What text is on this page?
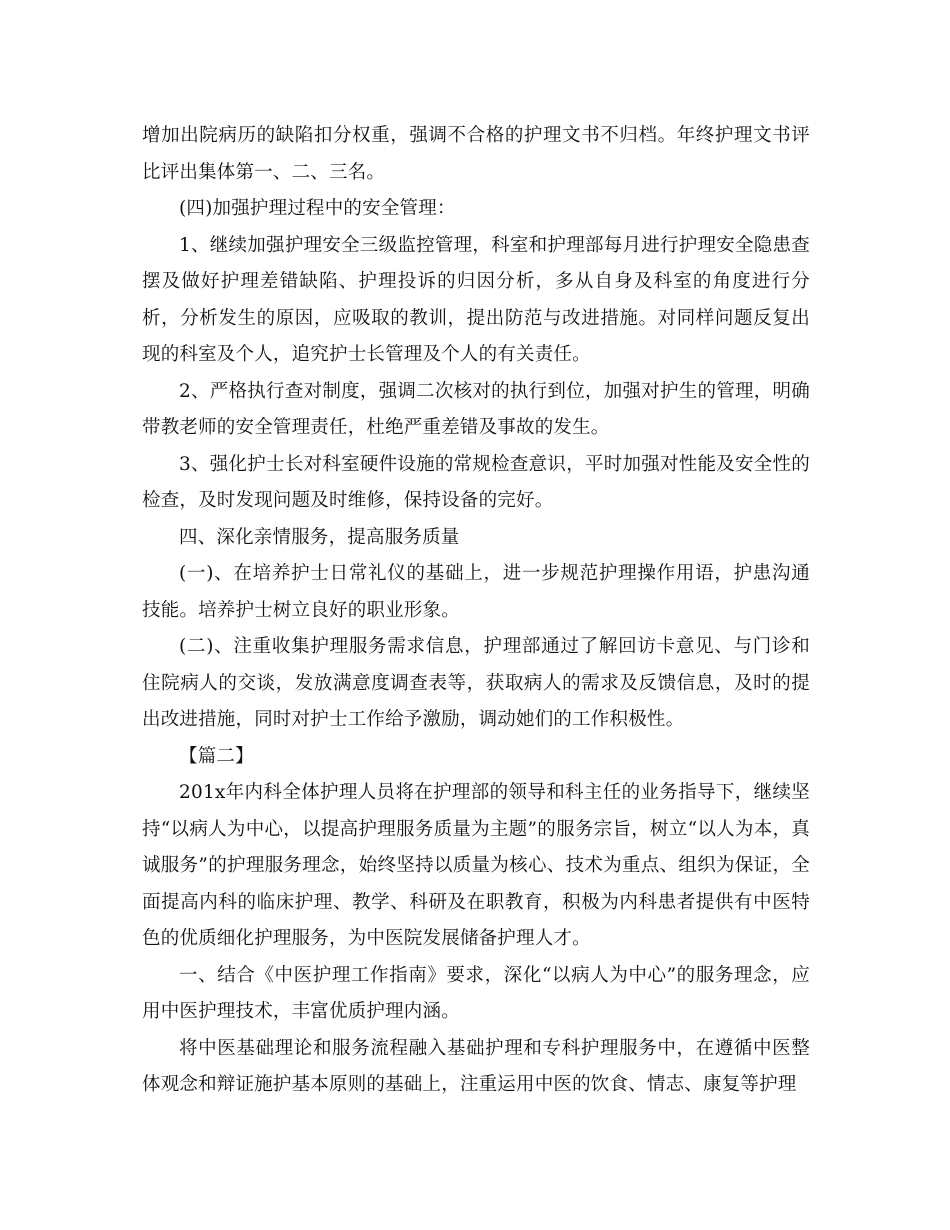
增加出院病历的缺陷扣分权重，强调不合格的护理文书不归档。年终护理文书评比评出集体第一、二、三名。

(四)加强护理过程中的安全管理：

1、继续加强护理安全三级监控管理，科室和护理部每月进行护理安全隐患查摆及做好护理差错缺陷、护理投诉的归因分析，多从自身及科室的角度进行分析，分析发生的原因，应吸取的教训，提出防范与改进措施。对同样问题反复出现的科室及个人，追究护士长管理及个人的有关责任。

2、严格执行查对制度，强调二次核对的执行到位，加强对护生的管理，明确带教老师的安全管理责任，杜绝严重差错及事故的发生。

3、强化护士长对科室硬件设施的常规检查意识，平时加强对性能及安全性的检查，及时发现问题及时维修，保持设备的完好。

四、深化亲情服务，提高服务质量

(一)、在培养护士日常礼仪的基础上，进一步规范护理操作用语，护患沟通技能。培养护士树立良好的职业形象。

(二)、注重收集护理服务需求信息，护理部通过了解回访卡意见、与门诊和住院病人的交谈，发放满意度调查表等，获取病人的需求及反馈信息，及时的提出改进措施，同时对护士工作给予激励，调动她们的工作积极性。

【篇二】

201x年内科全体护理人员将在护理部的领导和科主任的业务指导下，继续坚持“以病人为中心，以提高护理服务质量为主题”的服务宗旨，树立“以人为本，真诚服务”的护理服务理念，始终坚持以质量为核心、技术为重点、组织为保证，全面提高内科的临床护理、教学、科研及在职教育，积极为内科患者提供有中医特色的优质细化护理服务，为中医院发展储备护理人才。

一、结合《中医护理工作指南》要求，深化“以病人为中心”的服务理念，应用中医护理技术，丰富优质护理内涵。

将中医基础理论和服务流程融入基础护理和专科护理服务中，在遵循中医整体观念和辩证施护基本原则的基础上，注重运用中医的饮食、情志、康复等护理
